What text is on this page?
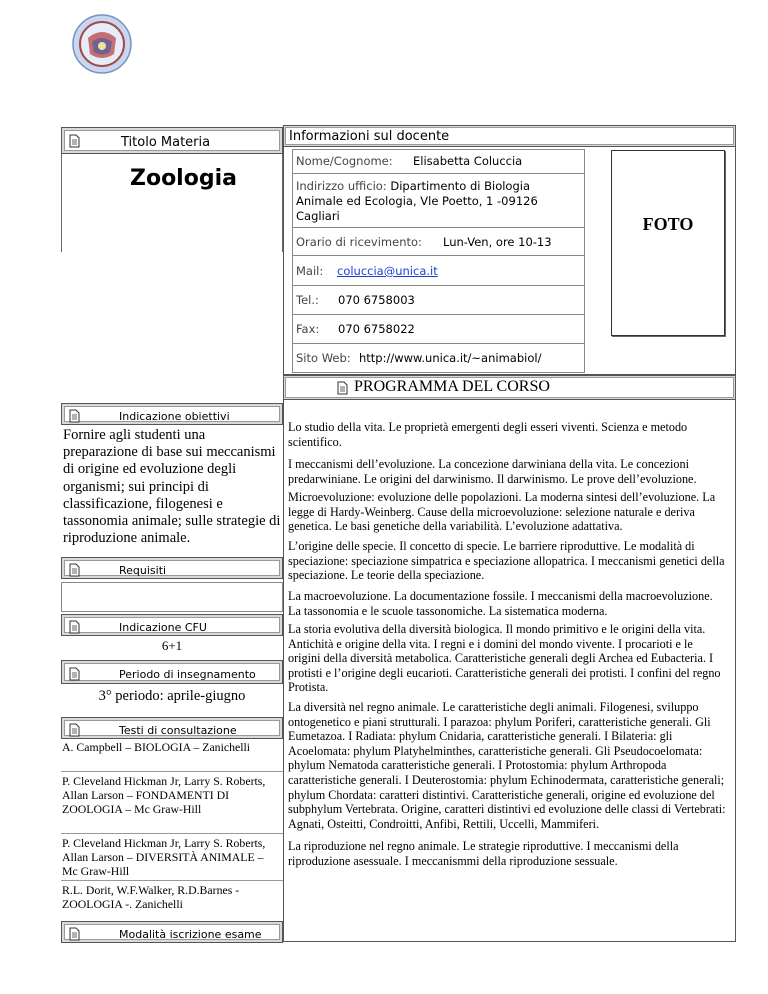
Titolo Materia
Zoologia
Indicazione obiettivi
Fornire agli studenti una preparazione di base sui meccanismi di origine ed evoluzione degli organismi; sui principi di classificazione, filogenesi e tassonomia animale; sulle strategie di riproduzione animale.
Requisiti
Indicazione CFU
6+1
Periodo di insegnamento
3° periodo: aprile-giugno
Testi di consultazione
A. Campbell – BIOLOGIA – Zanichelli
P. Cleveland Hickman Jr, Larry S. Roberts, Allan Larson – FONDAMENTI DI ZOOLOGIA – Mc Graw-Hill
P. Cleveland Hickman Jr, Larry S. Roberts, Allan Larson – DIVERSITÀ ANIMALE – Mc Graw-Hill
R.L. Dorit, W.F.Walker, R.D.Barnes - ZOOLOGIA -. Zanichelli
Modalità iscrizione esame
Informazioni sul docente
Nome/Cognome: Elisabetta Coluccia
Indirizzo ufficio: Dipartimento di Biologia
Animale ed Ecologia, Vle Poetto, 1 -09126
Cagliari
Orario di ricevimento: Lun-Ven, ore 10-13
Mail: coluccia@unica.it
Tel.: 070 6758003
Fax: 070 6758022
Sito Web: http://www.unica.it/~animabiol/
FOTO
PROGRAMMA DEL CORSO
Lo studio della vita. Le proprietà emergenti degli esseri viventi. Scienza e metodo scientifico.
I meccanismi dell’evoluzione. La concezione darwiniana della vita. Le concezioni predarwiniane. Le origini del darwinismo. Il darwinismo. Le prove dell’evoluzione.
Microevoluzione: evoluzione delle popolazioni. La moderna sintesi dell’evoluzione. La legge di Hardy-Weinberg. Cause della microevoluzione: selezione naturale e deriva genetica. Le basi genetiche della variabilità. L’evoluzione adattativa.
L’origine delle specie. Il concetto di specie. Le barriere riproduttive. Le modalità di speciazione: speciazione simpatrica e speciazione allopatrica. I meccanismi genetici della speciazione. Le teorie della speciazione.
La macroevoluzione. La documentazione fossile. I meccanismi della macroevoluzione. La tassonomia e le scuole tassonomiche. La sistematica moderna.
La storia evolutiva della diversità biologica. Il mondo primitivo e le origini della vita. Antichità e origine della vita. I regni e i domini del mondo vivente. I procarioti e le origini della diversità metabolica. Caratteristiche generali degli Archea ed Eubacteria. I protisti e l’origine degli eucarioti. Caratteristiche generali dei protisti. I confini del regno Protista.
La diversità nel regno animale. Le caratteristiche degli animali. Filogenesi, sviluppo ontogenetico e piani strutturali. I parazoa: phylum Poriferi, caratteristiche generali. Gli Eumetazoa. I Radiata: phylum Cnidaria, caratteristiche generali. I Bilateria: gli Acoelomata: phylum Platyhelminthes, caratteristiche generali. Gli Pseudocoelomata: phylum Nematoda caratteristiche generali. I Protostomia: phylum Arthropoda caratteristiche generali. I Deuterostomia: phylum Echinodermata, caratteristiche generali; phylum Chordata: caratteri distintivi. Caratteristiche generali, origine ed evoluzione del subphylum Vertebrata. Origine, caratteri distintivi ed evoluzione delle classi di Vertebrati: Agnati, Osteitti, Condroitti, Anfibi, Rettili, Uccelli, Mammiferi.
La riproduzione nel regno animale. Le strategie riproduttive. I meccanismi della riproduzione asessuale. I meccanismmi della riproduzione sessuale.
